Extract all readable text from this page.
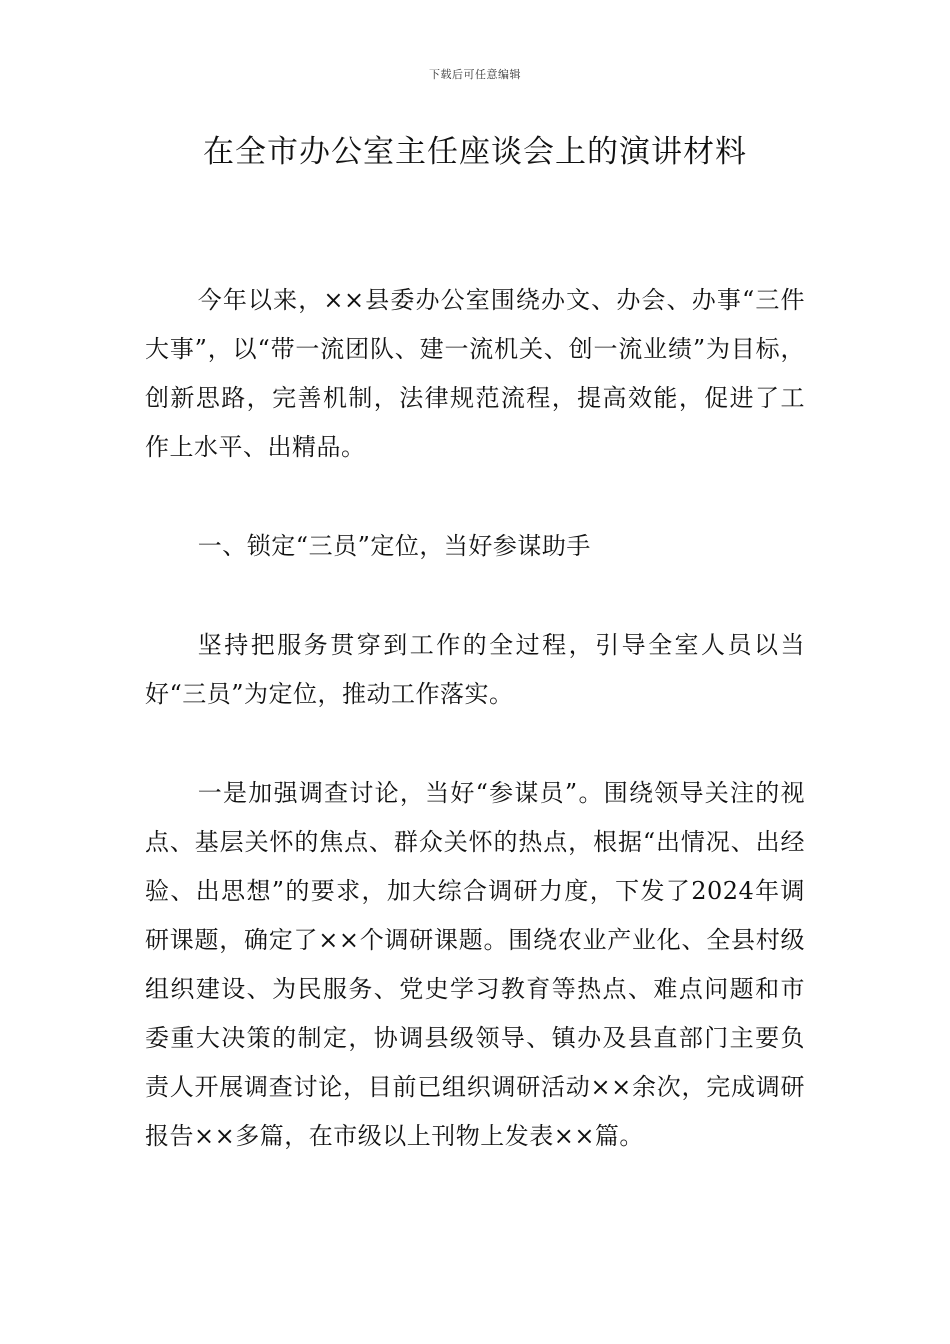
下载后可任意编辑
在全市办公室主任座谈会上的演讲材料

今年以来，××县委办公室围绕办文、办会、办事“三件大事”，以“带一流团队、建一流机关、创一流业绩”为目标，创新思路，完善机制，法律规范流程，提高效能，促进了工作上水平、出精品。

一、锁定“三员”定位，当好参谋助手

坚持把服务贯穿到工作的全过程，引导全室人员以当好“三员”为定位，推动工作落实。

一是加强调查讨论，当好“参谋员”。围绕领导关注的视点、基层关怀的焦点、群众关怀的热点，根据“出情况、出经验、出思想”的要求，加大综合调研力度，下发了2024年调研课题，确定了××个调研课题。围绕农业产业化、全县村级组织建设、为民服务、党史学习教育等热点、难点问题和市委重大决策的制定，协调县级领导、镇办及县直部门主要负责人开展调查讨论，目前已组织调研活动××余次，完成调研报告××多篇，在市级以上刊物上发表××篇。
